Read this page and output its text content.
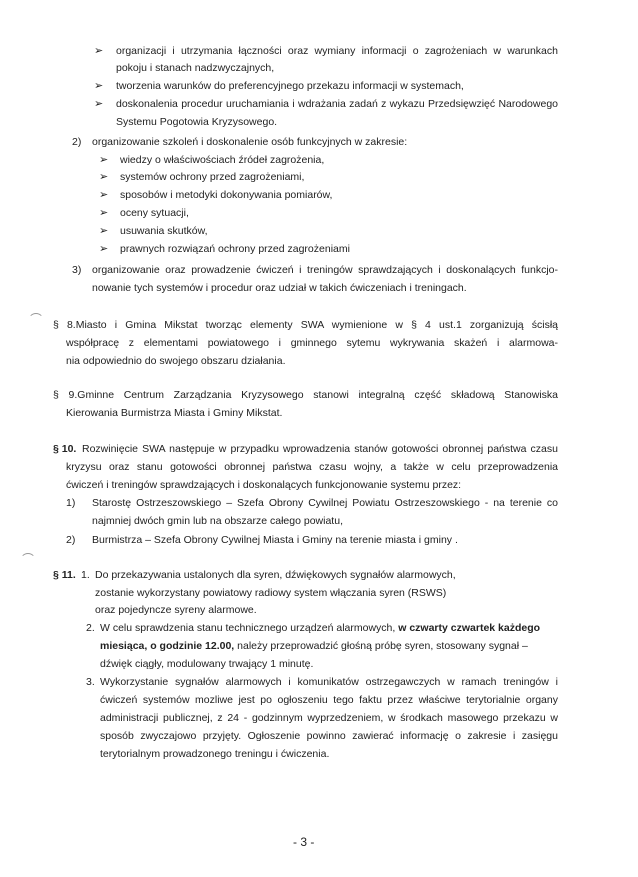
➢ organizacji i utrzymania łączności oraz wymiany informacji o zagrożeniach w warunkach
pokoju i stanach nadzwyczajnych,
➢ tworzenia warunków do preferencyjnego przekazu informacji w systemach,
➢ doskonalenia procedur uruchamiania i wdrażania zadań z wykazu Przedsięwzięć Narodowego
Systemu Pogotowia Kryzysowego.
2) organizowanie szkoleń i doskonalenie osób funkcyjnych w zakresie:
➢ wiedzy o właściwościach źródeł zagrożenia,
➢ systemów ochrony przed zagrożeniami,
➢ sposobów i metodyki dokonywania pomiarów,
➢ oceny sytuacji,
➢ usuwania skutków,
➢ prawnych rozwiązań ochrony przed zagrożeniami
3) organizowanie oraz prowadzenie ćwiczeń i treningów sprawdzających i doskonalących funkcjo-
nowanie tych systemów i procedur oraz udział w takich ćwiczeniach i treningach.
§ 8.Miasto i Gmina Mikstat tworząc elementy SWA wymienione w § 4 ust.1 zorganizują ścisłą
współpracę z elementami powiatowego i gminnego sytemu wykrywania skażeń i alarmowa-
nia odpowiednio do swojego obszaru działania.
§ 9.Gminne Centrum Zarządzania Kryzysowego stanowi integralną część składową Stanowiska
Kierowania Burmistrza Miasta i Gminy Mikstat.
§ 10. Rozwinięcie SWA następuje w przypadku wprowadzenia stanów gotowości obronnej państwa czasu
kryzysu oraz stanu gotowości obronnej państwa czasu wojny, a także w celu przeprowadzenia
ćwiczeń i treningów sprawdzających i doskonalących funkcjonowanie systemu przez:
1) Starostę Ostrzeszowskiego – Szefa Obrony Cywilnej Powiatu Ostrzeszowskiego - na terenie co
najmniej dwóch gmin lub na obszarze całego powiatu,
2) Burmistrza – Szefa Obrony Cywilnej Miasta i Gminy na terenie miasta i gminy .
§ 11. 1. Do przekazywania ustalonych dla syren, dźwiękowych sygnałów alarmowych,
zostanie wykorzystany powiatowy radiowy system włączania syren (RSWS)
oraz pojedyncze syreny alarmowe.
2. W celu sprawdzenia stanu technicznego urządzeń alarmowych, w czwarty czwartek każdego
miesiąca, o godzinie 12.00, należy przeprowadzić głośną próbę syren, stosowany sygnał –
dźwięk ciągły, modulowany trwający 1 minutę.
3. Wykorzystanie sygnałów alarmowych i komunikatów ostrzegawczych w ramach treningów i
ćwiczeń systemów mozliwe jest po ogłoszeniu tego faktu przez właściwe terytorialnie organy
administracji publicznej, z 24 - godzinnym wyprzedzeniem, w środkach masowego przekazu w
sposób zwyczajowo przyjęty. Ogłoszenie powinno zawierać informację o zakresie i zasięgu
terytorialnym prowadzonego treningu i ćwiczenia.
- 3 -
